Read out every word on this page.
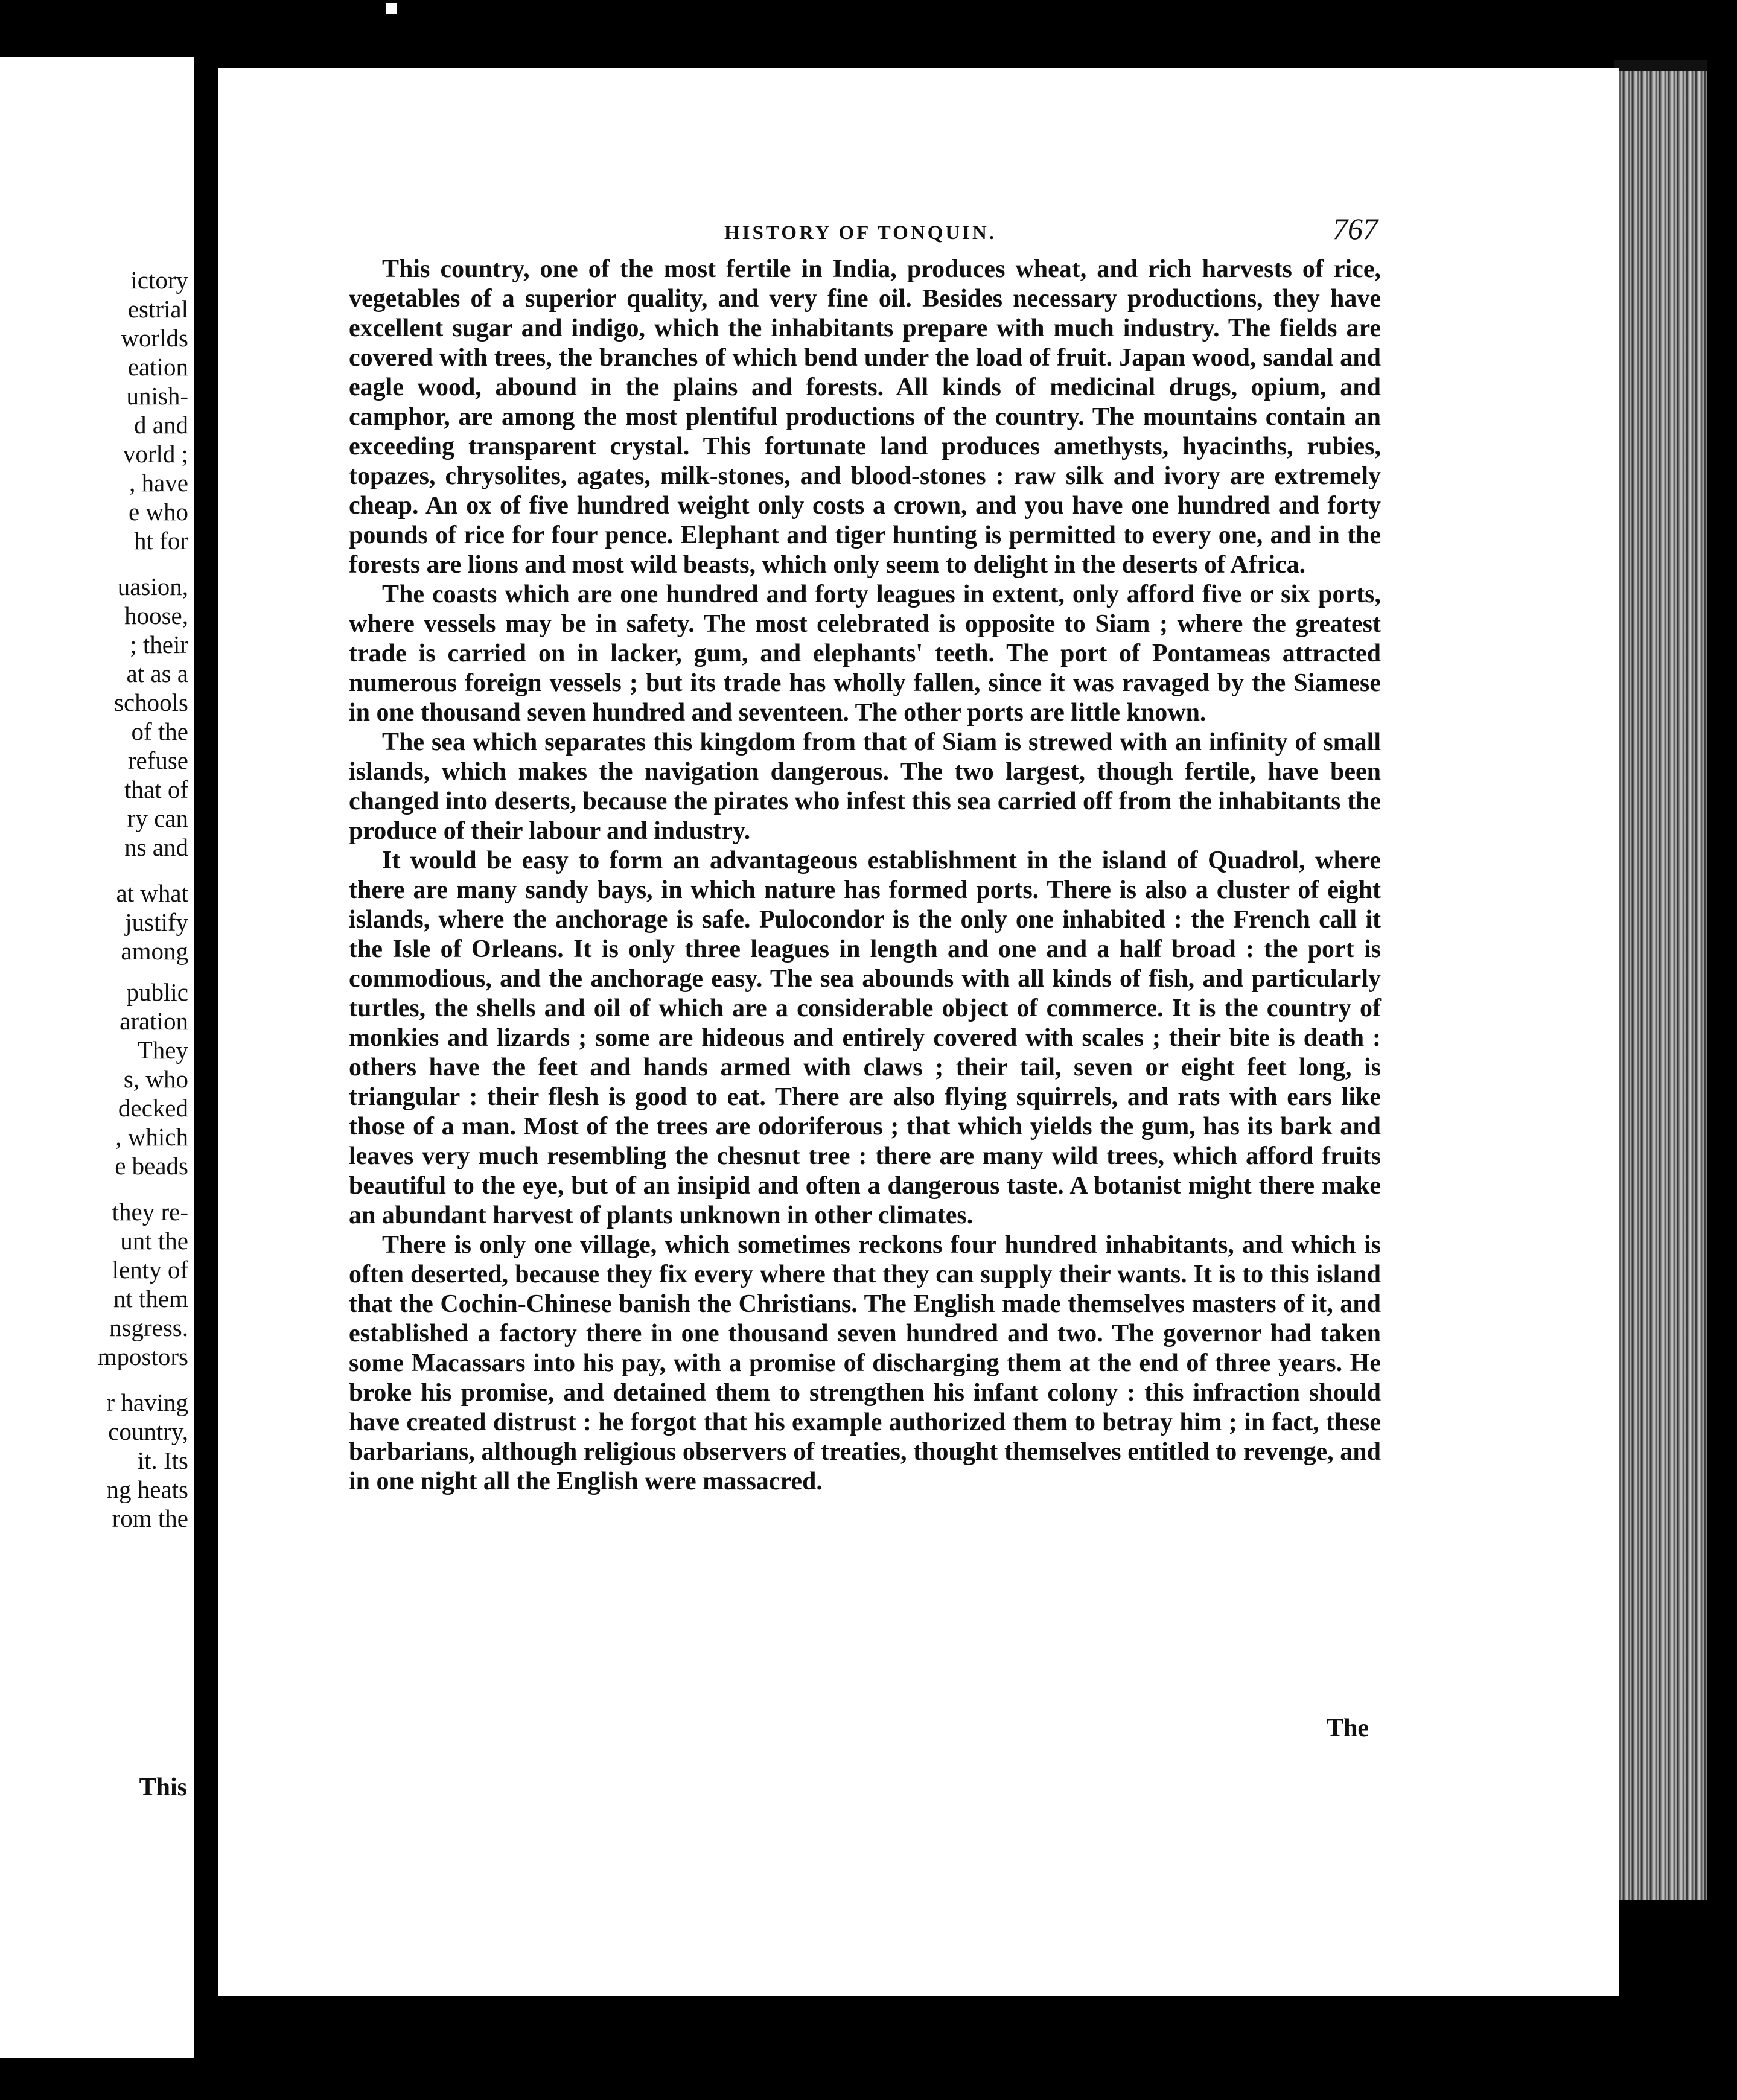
ictory
estrial
worlds
eation
unish-
d and
vorld ;
, have
e who
ht for
uasion,
hoose,
; their
at as a
schools
of the
refuse
that of
ry can
ns and
at what
justify
among
public
aration
They
s, who
decked
, which
e beads
they re-
unt the
lenty of
nt them
nsgress.
mpostors
r having
country,
it. Its
ng heats
rom the
This
HISTORY OF TONQUIN.	767

This country, one of the most fertile in India, produces wheat, and rich harvests of rice, vegetables of a superior quality, and very fine oil. Besides necessary productions, they have excellent sugar and indigo, which the inhabitants prepare with much industry. The fields are covered with trees, the branches of which bend under the load of fruit. Japan wood, sandal and eagle wood, abound in the plains and forests. All kinds of medicinal drugs, opium, and camphor, are among the most plentiful productions of the country. The mountains contain an exceeding transparent crystal. This fortunate land produces amethysts, hyacinths, rubies, topazes, chrysolites, agates, milk-stones, and blood-stones : raw silk and ivory are extremely cheap. An ox of five hundred weight only costs a crown, and you have one hundred and forty pounds of rice for four pence. Elephant and tiger hunting is permitted to every one, and in the forests are lions and most wild beasts, which only seem to delight in the deserts of Africa.

The coasts which are one hundred and forty leagues in extent, only afford five or six ports, where vessels may be in safety. The most celebrated is opposite to Siam ; where the greatest trade is carried on in lacker, gum, and elephants' teeth. The port of Pontameas attracted numerous foreign vessels ; but its trade has wholly fallen, since it was ravaged by the Siamese in one thousand seven hundred and seventeen. The other ports are little known.

The sea which separates this kingdom from that of Siam is strewed with an infinity of small islands, which makes the navigation dangerous. The two largest, though fertile, have been changed into deserts, because the pirates who infest this sea carried off from the inhabitants the produce of their labour and industry.

It would be easy to form an advantageous establishment in the island of Quadrol, where there are many sandy bays, in which nature has formed ports. There is also a cluster of eight islands, where the anchorage is safe. Pulocondor is the only one inhabited : the French call it the Isle of Orleans. It is only three leagues in length and one and a half broad : the port is commodious, and the anchorage easy. The sea abounds with all kinds of fish, and particularly turtles, the shells and oil of which are a considerable object of commerce. It is the country of monkies and lizards ; some are hideous and entirely covered with scales ; their bite is death : others have the feet and hands armed with claws ; their tail, seven or eight feet long, is triangular : their flesh is good to eat. There are also flying squirrels, and rats with ears like those of a man. Most of the trees are odoriferous ; that which yields the gum, has its bark and leaves very much resembling the chesnut tree : there are many wild trees, which afford fruits beautiful to the eye, but of an insipid and often a dangerous taste. A botanist might there make an abundant harvest of plants unknown in other climates.

There is only one village, which sometimes reckons four hundred inhabitants, and which is often deserted, because they fix every where that they can supply their wants. It is to this island that the Cochin-Chinese banish the Christians. The English made themselves masters of it, and established a factory there in one thousand seven hundred and two. The governor had taken some Macassars into his pay, with a promise of discharging them at the end of three years. He broke his promise, and detained them to strengthen his infant colony : this infraction should have created distrust : he forgot that his example authorized them to betray him ; in fact, these barbarians, although religious observers of treaties, thought themselves entitled to revenge, and in one night all the English were massacred.

The
